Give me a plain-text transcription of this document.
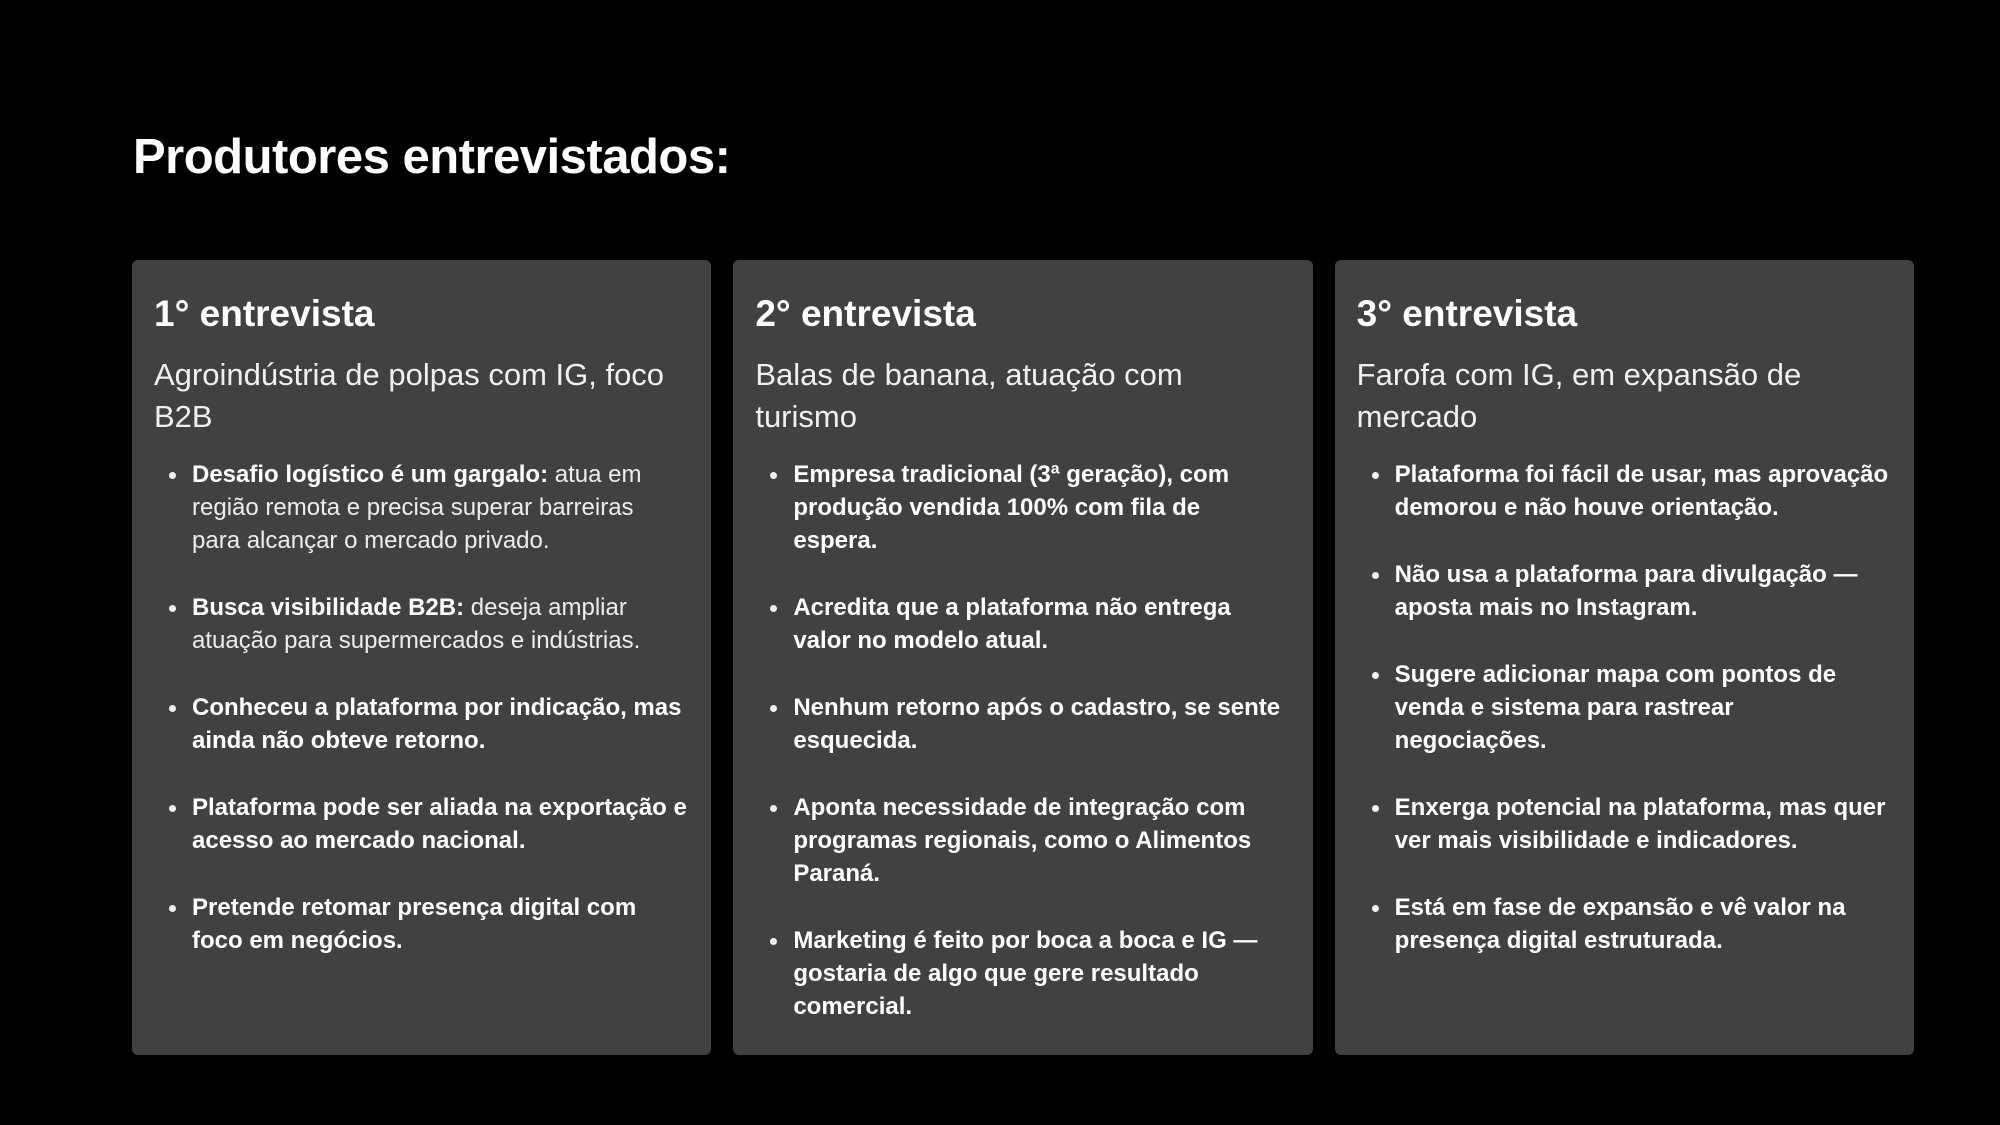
Produtores entrevistados:
1° entrevista

Agroindústria de polpas com IG, foco B2B

Desafio logístico é um gargalo: atua em região remota e precisa superar barreiras para alcançar o mercado privado.
Busca visibilidade B2B: deseja ampliar atuação para supermercados e indústrias.
Conheceu a plataforma por indicação, mas ainda não obteve retorno.
Plataforma pode ser aliada na exportação e acesso ao mercado nacional.
Pretende retomar presença digital com foco em negócios.
2° entrevista

Balas de banana, atuação com turismo

Empresa tradicional (3ª geração), com produção vendida 100% com fila de espera.
Acredita que a plataforma não entrega valor no modelo atual.
Nenhum retorno após o cadastro, se sente esquecida.
Aponta necessidade de integração com programas regionais, como o Alimentos Paraná.
Marketing é feito por boca a boca e IG — gostaria de algo que gere resultado comercial.
3° entrevista

Farofa com IG, em expansão de mercado

Plataforma foi fácil de usar, mas aprovação demorou e não houve orientação.
Não usa a plataforma para divulgação — aposta mais no Instagram.
Sugere adicionar mapa com pontos de venda e sistema para rastrear negociações.
Enxerga potencial na plataforma, mas quer ver mais visibilidade e indicadores.
Está em fase de expansão e vê valor na presença digital estruturada.
